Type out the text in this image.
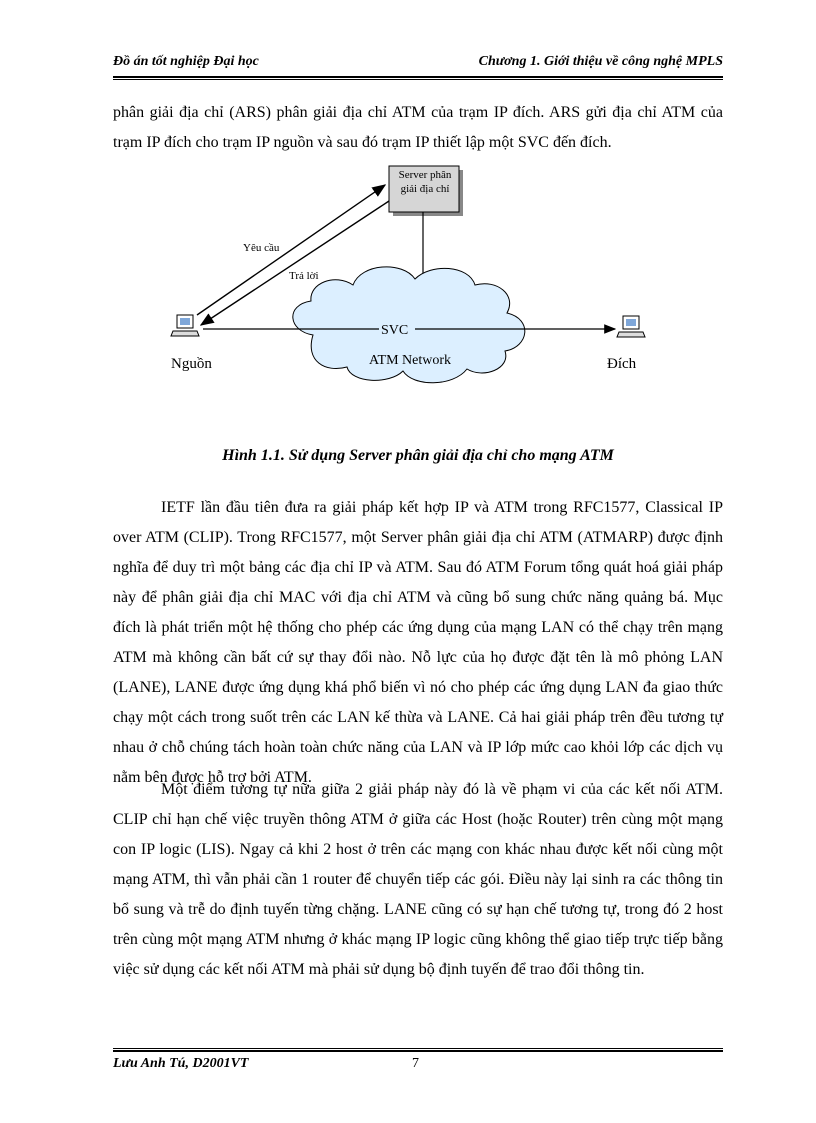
Đồ án tốt nghiệp Đại học	Chương 1. Giới thiệu về công nghệ MPLS

phân giải địa chỉ (ARS) phân giải địa chỉ ATM của trạm IP đích. ARS gửi địa chỉ ATM của trạm IP đích cho trạm IP nguồn và sau đó trạm IP thiết lập một SVC đến đích.

Server phân
giải địa chỉ
Yêu cầu
Trả lời
SVC
ATM Network
Nguồn	Đích

Hình 1.1. Sử dụng Server phân giải địa chỉ cho mạng ATM

IETF lần đầu tiên đưa ra giải pháp kết hợp IP và ATM trong RFC1577, Classical IP over ATM (CLIP). Trong RFC1577, một Server phân giải địa chỉ ATM (ATMARP) được định nghĩa để duy trì một bảng các địa chỉ IP và ATM. Sau đó ATM Forum tổng quát hoá giải pháp này để phân giải địa chỉ MAC với địa chỉ ATM và cũng bổ sung chức năng quảng bá. Mục đích là phát triển một hệ thống cho phép các ứng dụng của mạng LAN có thể chạy trên mạng ATM mà không cần bất cứ sự thay đổi nào. Nỗ lực của họ được đặt tên là mô phỏng LAN (LANE), LANE được ứng dụng khá phổ biến vì nó cho phép các ứng dụng LAN đa giao thức chạy một cách trong suốt trên các LAN kế thừa và LANE. Cả hai giải pháp trên đều tương tự nhau ở chỗ chúng tách hoàn toàn chức năng của LAN và IP lớp mức cao khỏi lớp các dịch vụ nằm bên được hỗ trợ bởi ATM.

Một điểm tương tự nữa giữa 2 giải pháp này đó là về phạm vi của các kết nối ATM. CLIP chỉ hạn chế việc truyền thông ATM ở giữa các Host (hoặc Router) trên cùng một mạng con IP logic (LIS). Ngay cả khi 2 host ở trên các mạng con khác nhau được kết nối cùng một mạng ATM, thì vẫn phải cần 1 router để chuyển tiếp các gói. Điều này lại sinh ra các thông tin bổ sung và trễ do định tuyến từng chặng. LANE cũng có sự hạn chế tương tự, trong đó 2 host trên cùng một mạng ATM nhưng ở khác mạng IP logic cũng không thể giao tiếp trực tiếp bằng việc sử dụng các kết nối ATM mà phải sử dụng bộ định tuyến để trao đổi thông tin.

Lưu Anh Tú, D2001VT	7
